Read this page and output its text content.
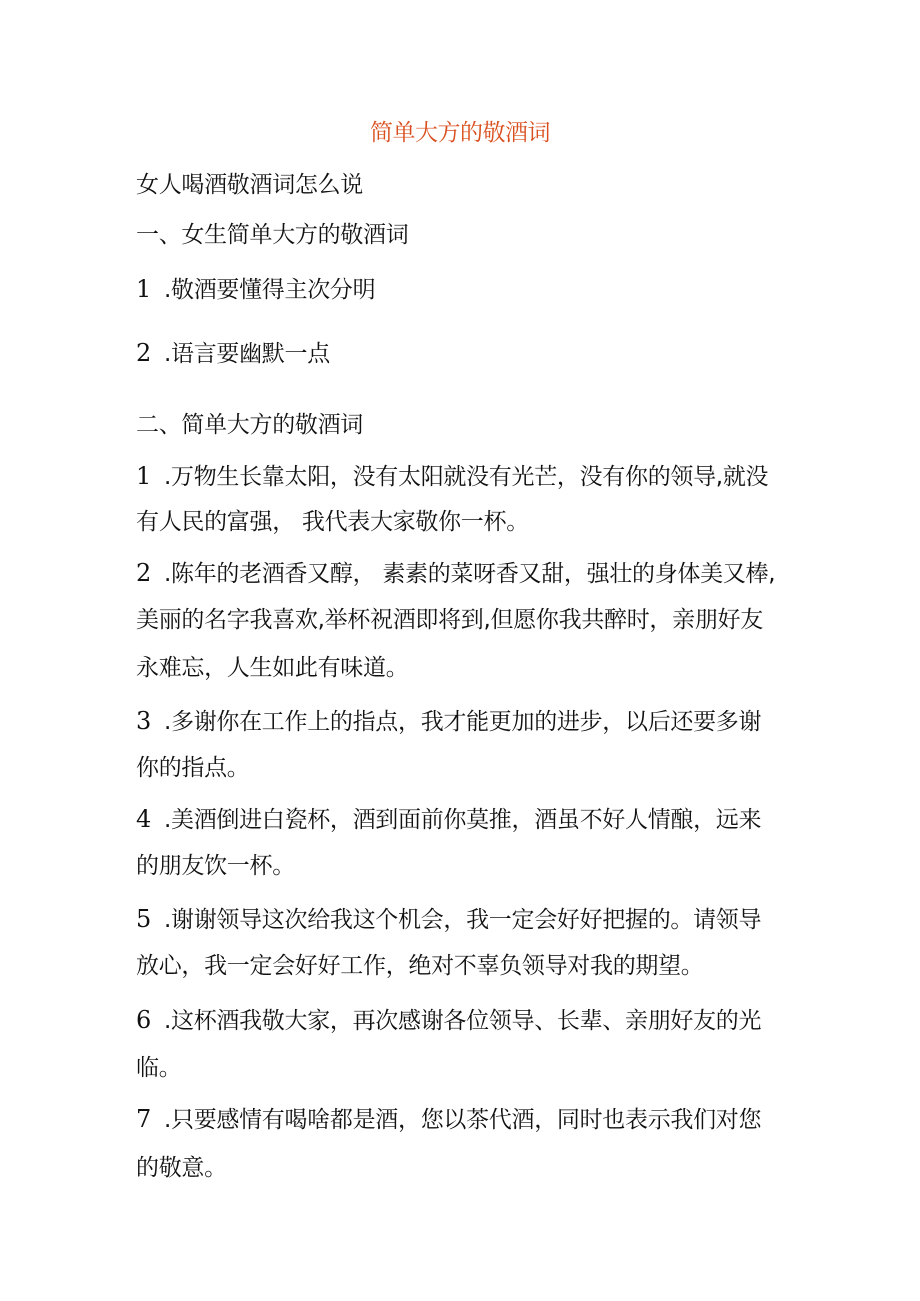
简单大方的敬酒词
女人喝酒敬酒词怎么说
一、女生简单大方的敬酒词
1 .敬酒要懂得主次分明
2 .语言要幽默一点
二、简单大方的敬酒词
1 .万物生长靠太阳，没有太阳就没有光芒，没有你的领导,就没
有人民的富强， 我代表大家敬你一杯。
2 .陈年的老酒香又醇， 素素的菜呀香又甜，强壮的身体美又棒,
美丽的名字我喜欢,举杯祝酒即将到,但愿你我共醉时，亲朋好友
永难忘，人生如此有味道。
3 .多谢你在工作上的指点，我才能更加的进步，以后还要多谢
你的指点。
4 .美酒倒进白瓷杯，酒到面前你莫推，酒虽不好人情酿，远来
的朋友饮一杯。
5 .谢谢领导这次给我这个机会，我一定会好好把握的。请领导
放心，我一定会好好工作，绝对不辜负领导对我的期望。
6 .这杯酒我敬大家，再次感谢各位领导、长辈、亲朋好友的光
临。
7 .只要感情有喝啥都是酒，您以茶代酒，同时也表示我们对您
的敬意。
